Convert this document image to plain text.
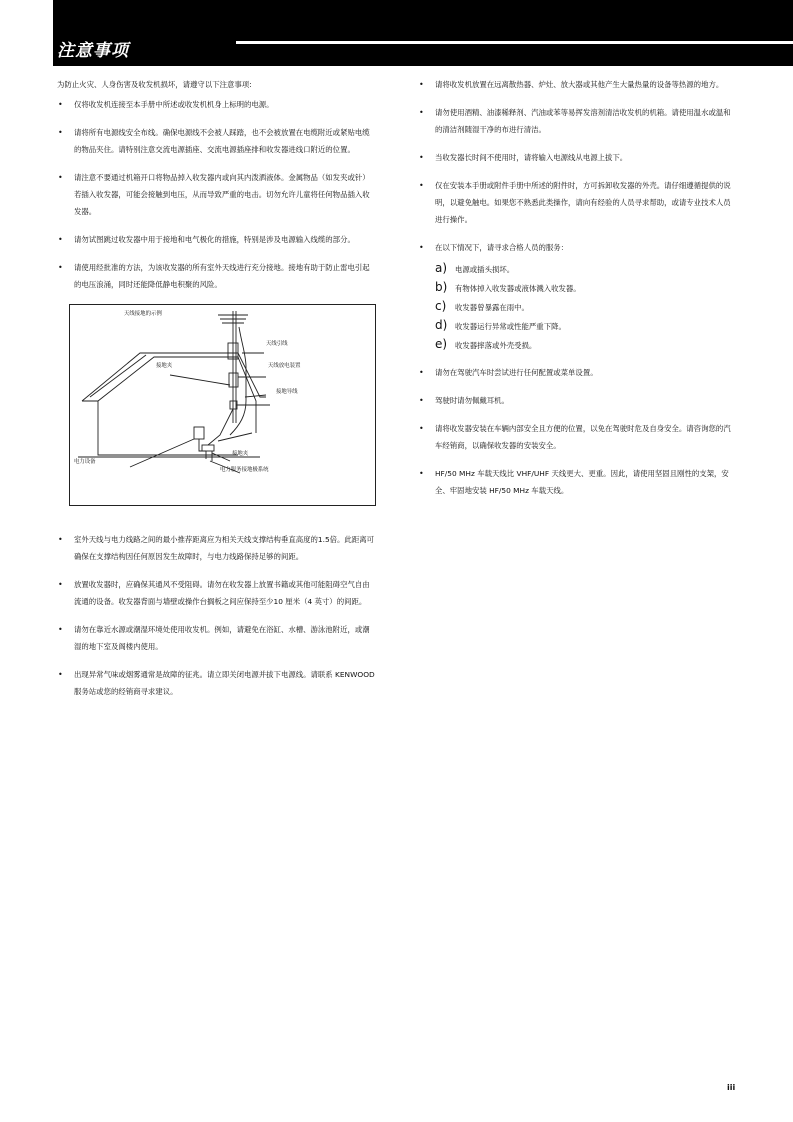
注意事项

为防止火灾、人身伤害及收发机损坏，请遵守以下注意事项:

• 仅将收发机连接至本手册中所述或收发机机身上标明的电源。
• 请将所有电源线安全布线。确保电源线不会被人踩踏，也不会被放置在电缆附近或紧贴电缆的物品夹住。请特别注意交流电源插座、交流电源插座排和收发器进线口附近的位置。
• 请注意不要通过机箱开口将物品掉入收发器内或向其内泼洒液体。金属物品（如发夹或针）若插入收发器，可能会接触到电压，从而导致严重的电击。切勿允许儿童将任何物品插入收发器。
• 请勿试图跳过收发器中用于接地和电气极化的措施，特别是涉及电源输入线缆的部分。
• 请使用经批准的方法，为该收发器的所有室外天线进行充分接地。接地有助于防止雷电引起的电压浪涌，同时还能降低静电积聚的风险。
天线接地的示例
天线引线
接地夹	天线放电装置
接地导线
接地夹
电力设备
电力服务接地极系统
• 室外天线与电力线路之间的最小推荐距离应为相关天线支撑结构垂直高度的1.5倍。此距离可确保在支撑结构因任何原因发生故障时，与电力线路保持足够的间距。
• 放置收发器时，应确保其通风不受阻碍。请勿在收发器上放置书籍或其他可能阻碍空气自由流通的设备。收发器背面与墙壁或操作台搁板之间应保持至少10 厘米（4 英寸）的间距。
• 请勿在靠近水源或潮湿环境处使用收发机。例如，请避免在浴缸、水槽、游泳池附近，或潮湿的地下室及阁楼内使用。
• 出现异常气味或烟雾通常是故障的征兆。请立即关闭电源并拔下电源线。请联系 KENWOOD 服务站或您的经销商寻求建议。
• 请将收发机放置在远离散热器、炉灶、放大器或其他产生大量热量的设备等热源的地方。
• 请勿使用酒精、油漆稀释剂、汽油或苯等易挥发溶剂清洁收发机的机箱。请使用温水或温和的清洁剂随湿干净的布进行清洁。
• 当收发器长时间不使用时，请将输入电源线从电源上拔下。
• 仅在安装本手册或附件手册中所述的附件时，方可拆卸收发器的外壳。请仔细遵循提供的说明，以避免触电。如果您不熟悉此类操作，请向有经验的人员寻求帮助，或请专业技术人员进行操作。
• 在以下情况下，请寻求合格人员的服务：
a)	电源或插头损坏。
b)	有物体掉入收发器或液体溅入收发器。
c)	收发器曾暴露在雨中。
d)	收发器运行异常或性能严重下降。
e)	收发器摔落或外壳受损。
• 请勿在驾驶汽车时尝试进行任何配置或菜单设置。
• 驾驶时请勿佩戴耳机。
• 请将收发器安装在车辆内部安全且方便的位置，以免在驾驶时危及自身安全。请咨询您的汽车经销商，以确保收发器的安装安全。
• HF/50 MHz 车载天线比 VHF/UHF 天线更大、更重。因此，请使用坚固且刚性的支架，安全、牢固地安装 HF/50 MHz 车载天线。
iii
